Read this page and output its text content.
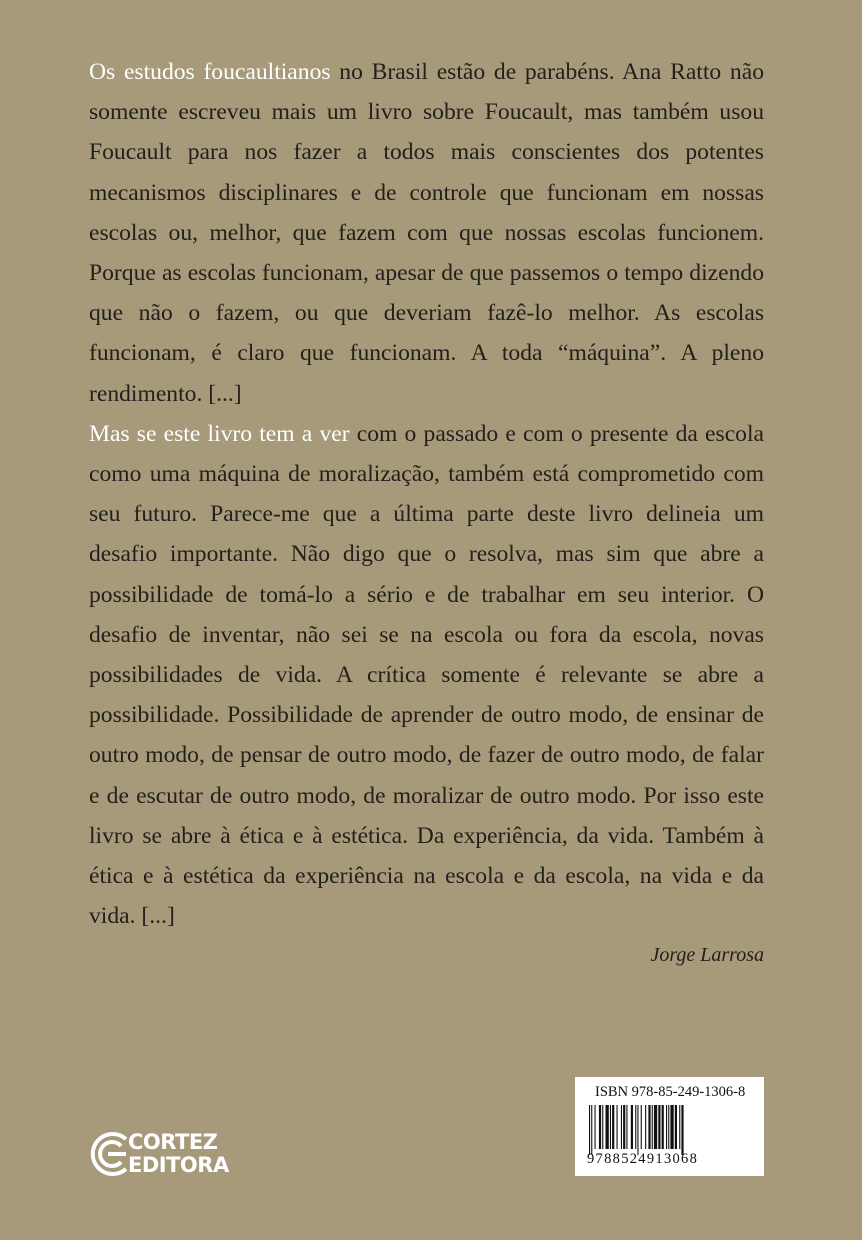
Os estudos foucaultianos no Brasil estão de parabéns. Ana Ratto não somente escreveu mais um livro sobre Foucault, mas também usou Foucault para nos fazer a todos mais conscientes dos potentes mecanismos disciplinares e de controle que funcionam em nossas escolas ou, melhor, que fazem com que nossas escolas funcionem. Porque as escolas funcionam, apesar de que passemos o tempo dizendo que não o fazem, ou que deveriam fazê-lo melhor. As escolas funcionam, é claro que funcionam. A toda “máquina”. A pleno rendimento. [...]

Mas se este livro tem a ver com o passado e com o presente da escola como uma máquina de moralização, também está comprometido com seu futuro. Parece-me que a última parte deste livro delineia um desafio importante. Não digo que o resolva, mas sim que abre a possibilidade de tomá-lo a sério e de trabalhar em seu interior. O desafio de inventar, não sei se na escola ou fora da escola, novas possibilidades de vida. A crítica somente é relevante se abre a possibilidade. Possibilidade de aprender de outro modo, de ensinar de outro modo, de pensar de outro modo, de fazer de outro modo, de falar e de escutar de outro modo, de moralizar de outro modo. Por isso este livro se abre à ética e à estética. Da experiência, da vida. Também à ética e à estética da experiência na escola e da escola, na vida e da vida. [...]

Jorge Larrosa

CORTEZ
EDITORA
ISBN 978-85-249-1306-8
9788524913068
